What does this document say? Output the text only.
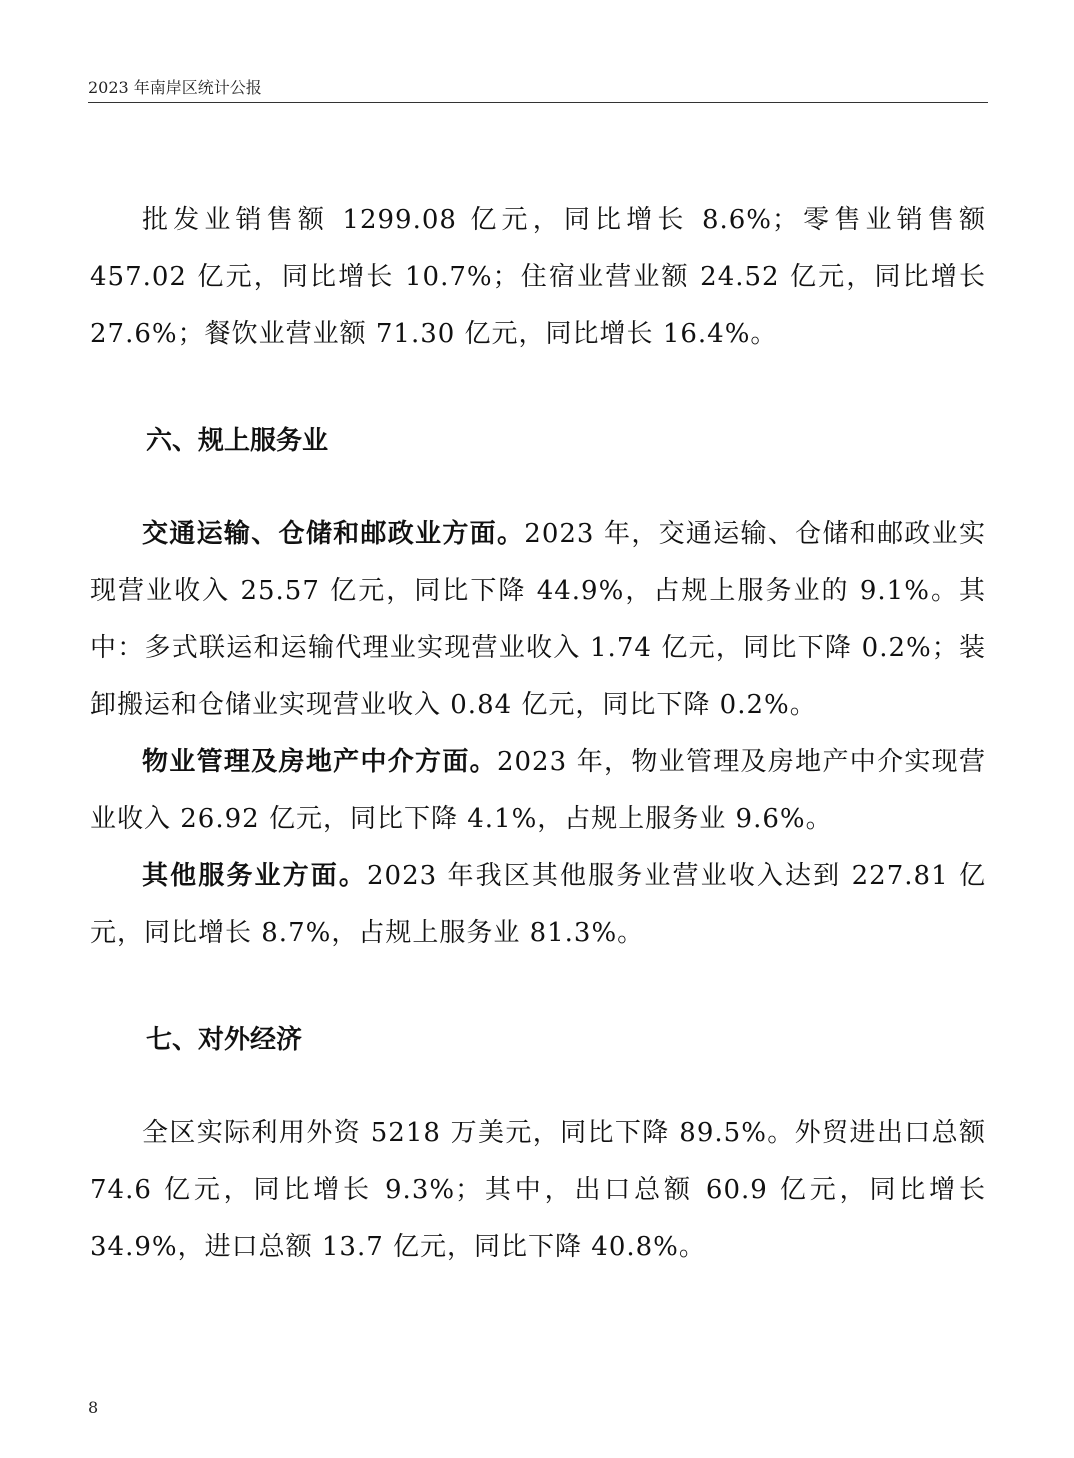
2023 年南岸区统计公报

批发业销售额 1299.08 亿元，同比增长 8.6%；零售业销售额 457.02 亿元，同比增长 10.7%；住宿业营业额 24.52 亿元，同比增长 27.6%；餐饮业营业额 71.30 亿元，同比增长 16.4%。

六、规上服务业

交通运输、仓储和邮政业方面。2023 年，交通运输、仓储和邮政业实现营业收入 25.57 亿元，同比下降 44.9%，占规上服务业的 9.1%。其中：多式联运和运输代理业实现营业收入 1.74 亿元，同比下降 0.2%；装卸搬运和仓储业实现营业收入 0.84 亿元，同比下降 0.2%。

物业管理及房地产中介方面。2023 年，物业管理及房地产中介实现营业收入 26.92 亿元，同比下降 4.1%，占规上服务业 9.6%。

其他服务业方面。2023 年我区其他服务业营业收入达到 227.81 亿元，同比增长 8.7%，占规上服务业 81.3%。

七、对外经济

全区实际利用外资 5218 万美元，同比下降 89.5%。外贸进出口总额 74.6 亿元，同比增长 9.3%；其中，出口总额 60.9 亿元，同比增长 34.9%，进口总额 13.7 亿元，同比下降 40.8%。

8
